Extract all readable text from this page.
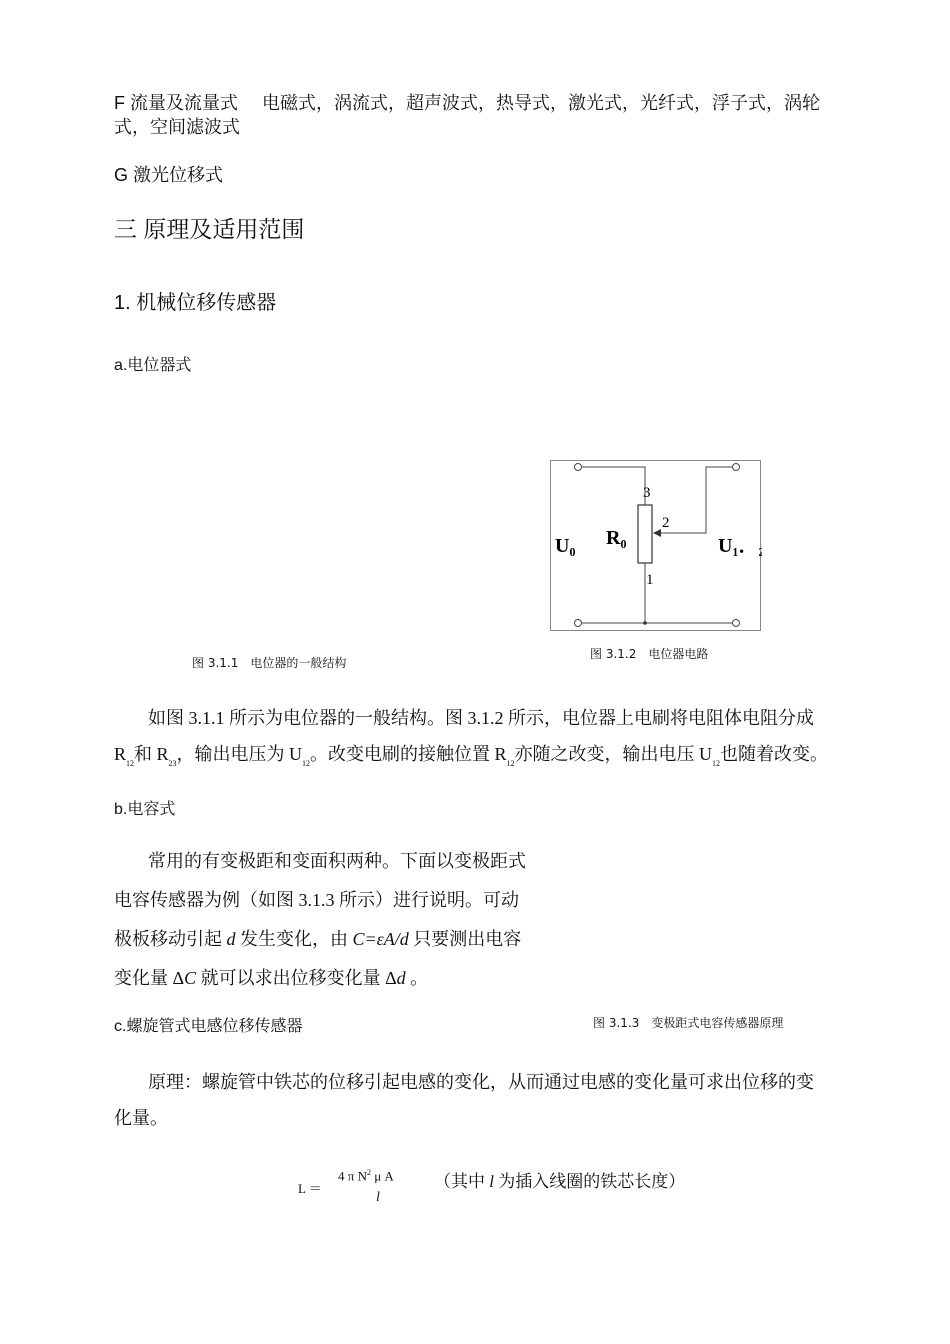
F 流量及流量式 电磁式，涡流式，超声波式，热导式，激光式，光纤式，浮子式，涡轮
式，空间滤波式
G 激光位移式
三 原理及适用范围
1. 机械位移传感器
a.电位器式
3
2
1
U₀ R₀	U₁．₂
图 3.1.1　电位器的一般结构
图 3.1.2　电位器电路
如图 3.1.1 所示为电位器的一般结构。图 3.1.2 所示，电位器上电刷将电阻体电阻分成
$R_{12}$和 $R_{23}$，输出电压为 $U_{12}$。改变电刷的接触位置 $R_{12}$亦随之改变，输出电压 $U_{12}$也随着改变。
b.电容式
常用的有变极距和变面积两种。下面以变极距式
电容传感器为例（如图 3.1.3 所示）进行说明。可动
极板移动引起 d 发生变化，由 C=εA/d 只要测出电容
变化量 ΔC 就可以求出位移变化量 Δd 。
图 3.1.3　变极距式电容传感器原理
c.螺旋管式电感位移传感器
原理：螺旋管中铁芯的位移引起电感的变化，从而通过电感的变化量可求出位移的变
化量。
L ＝
4 π $N^2$ μ A
l
（其中 l 为插入线圈的铁芯长度）
